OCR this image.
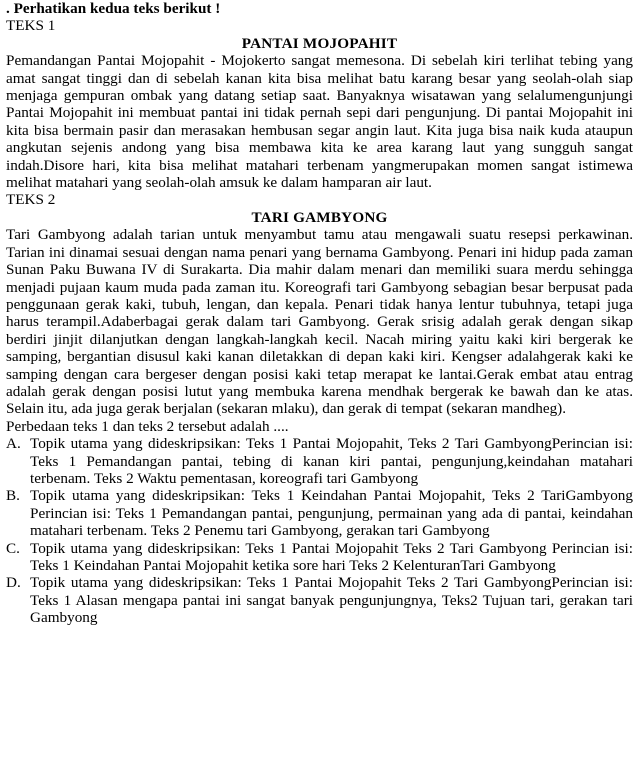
. Perhatikan kedua teks berikut !

TEKS 1

PANTAI MOJOPAHIT

Pemandangan Pantai Mojopahit - Mojokerto sangat memesona. Di sebelah kiri terlihat tebing yang amat sangat tinggi dan di sebelah kanan kita bisa melihat batu karang besar yang seolah-olah siap menjaga gempuran ombak yang datang setiap saat. Banyaknya wisatawan yang selalumengunjungi Pantai Mojopahit ini membuat pantai ini tidak pernah sepi dari pengunjung. Di pantai Mojopahit ini kita bisa bermain pasir dan merasakan hembusan segar angin laut. Kita juga bisa naik kuda ataupun angkutan sejenis andong yang bisa membawa kita ke area karang laut yang sungguh sangat indah.Disore hari, kita bisa melihat matahari terbenam yangmerupakan momen sangat istimewa melihat matahari yang seolah-olah amsuk ke dalam hamparan air laut.

TEKS 2

TARI GAMBYONG

Tari Gambyong adalah tarian untuk menyambut tamu atau mengawali suatu resepsi perkawinan. Tarian ini dinamai sesuai dengan nama penari yang bernama Gambyong. Penari ini hidup pada zaman Sunan Paku Buwana IV di Surakarta. Dia mahir dalam menari dan memiliki suara merdu sehingga menjadi pujaan kaum muda pada zaman itu. Koreografi tari Gambyong sebagian besar berpusat pada penggunaan gerak kaki, tubuh, lengan, dan kepala. Penari tidak hanya lentur tubuhnya, tetapi juga harus terampil.Adaberbagai gerak dalam tari Gambyong. Gerak srisig adalah gerak dengan sikap berdiri jinjit dilanjutkan dengan langkah-langkah kecil. Nacah miring yaitu kaki kiri bergerak ke samping, bergantian disusul kaki kanan diletakkan di depan kaki kiri. Kengser adalahgerak kaki ke samping dengan cara bergeser dengan posisi kaki tetap merapat ke lantai.Gerak embat atau entrag adalah gerak dengan posisi lutut yang membuka karena mendhak bergerak ke bawah dan ke atas. Selain itu, ada juga gerak berjalan (sekaran mlaku), dan gerak di tempat (sekaran mandheg).

Perbedaan teks 1 dan teks 2 tersebut adalah ....

A. Topik utama yang dideskripsikan: Teks 1 Pantai Mojopahit, Teks 2 Tari GambyongPerincian isi: Teks 1 Pemandangan pantai, tebing di kanan kiri pantai, pengunjung,keindahan matahari terbenam. Teks 2 Waktu pementasan, koreografi tari Gambyong
B. Topik utama yang dideskripsikan: Teks 1 Keindahan Pantai Mojopahit, Teks 2 TariGambyong Perincian isi: Teks 1 Pemandangan pantai, pengunjung, permainan yang ada di pantai, keindahan matahari terbenam. Teks 2 Penemu tari Gambyong, gerakan tari Gambyong
C. Topik utama yang dideskripsikan: Teks 1 Pantai Mojopahit Teks 2 Tari Gambyong Perincian isi: Teks 1 Keindahan Pantai Mojopahit ketika sore hari Teks 2 KelenturanTari Gambyong
D. Topik utama yang dideskripsikan: Teks 1 Pantai Mojopahit Teks 2 Tari GambyongPerincian isi: Teks 1 Alasan mengapa pantai ini sangat banyak pengunjungnya, Teks2 Tujuan tari, gerakan tari Gambyong
